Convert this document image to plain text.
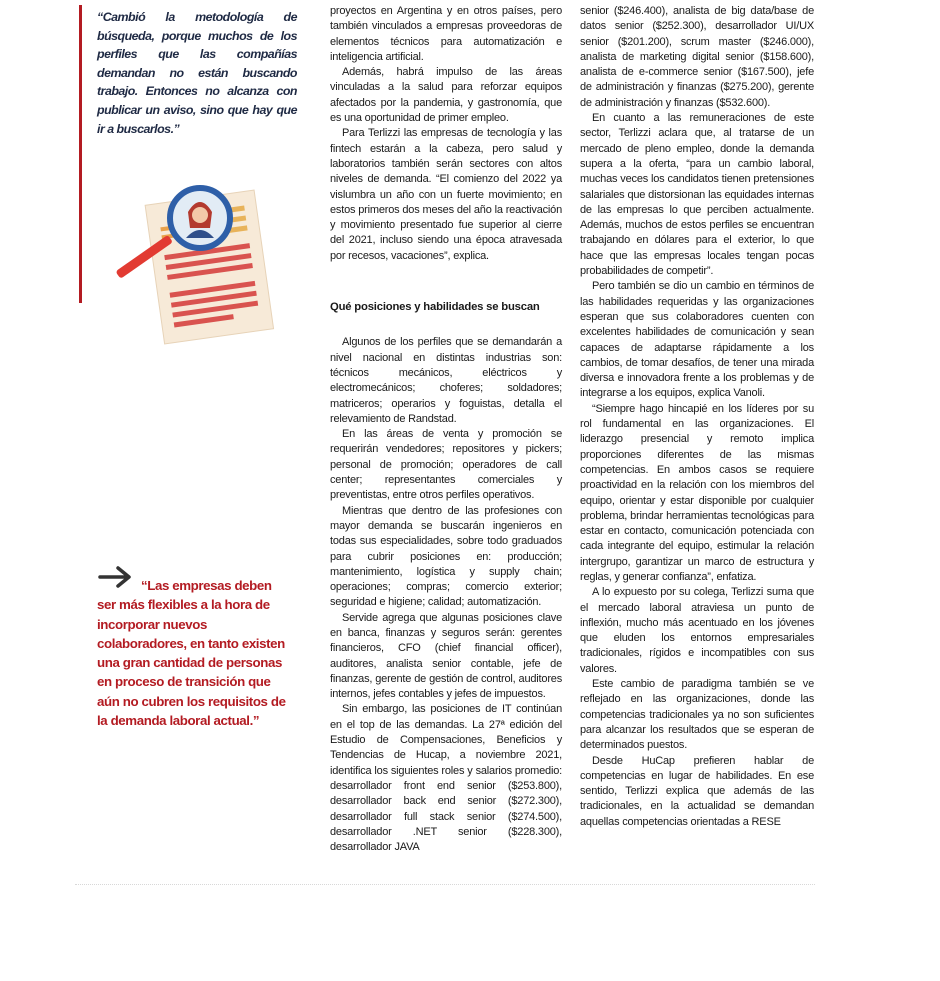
“Cambió la metodología de búsqueda, porque muchos de los perfiles que las compañías demandan no están buscando trabajo. Entonces no alcanza con publicar un aviso, sino que hay que ir a buscarlos.”
“Las empresas deben ser más flexibles a la hora de incorporar nuevos colaboradores, en tanto existen una gran cantidad de personas en proceso de transición que aún no cubren los requisitos de la demanda laboral actual.”

proyectos en Argentina y en otros países, pero también vinculados a empresas proveedoras de elementos técnicos para automatización e inteligencia artificial.

Además, habrá impulso de las áreas vinculadas a la salud para reforzar equipos afectados por la pandemia, y gastronomía, que es una oportunidad de primer empleo.

Para Terlizzi las empresas de tecnología y las fintech estarán a la cabeza, pero salud y laboratorios también serán sectores con altos niveles de demanda. “El comienzo del 2022 ya vislumbra un año con un fuerte movimiento; en estos primeros dos meses del año la reactivación y movimiento presentado fue superior al cierre del 2021, incluso siendo una época atravesada por recesos, vacaciones”, explica.

Qué posiciones y habilidades se buscan

Algunos de los perfiles que se demandarán a nivel nacional en distintas industrias son: técnicos mecánicos, eléctricos y electromecánicos; choferes; soldadores; matriceros; operarios y foguistas, detalla el relevamiento de Randstad.

En las áreas de venta y promoción se requerirán vendedores; repositores y pickers; personal de promoción; operadores de call center; representantes comerciales y preventistas, entre otros perfiles operativos.

Mientras que dentro de las profesiones con mayor demanda se buscarán ingenieros en todas sus especialidades, sobre todo graduados para cubrir posiciones en: producción; mantenimiento, logística y supply chain; operaciones; compras; comercio exterior; seguridad e higiene; calidad; automatización.

Servide agrega que algunas posiciones clave en banca, finanzas y seguros serán: gerentes financieros, CFO (chief financial officer), auditores, analista senior contable, jefe de finanzas, gerente de gestión de control, auditores internos, jefes contables y jefes de impuestos.

Sin embargo, las posiciones de IT continúan en el top de las demandas. La 27ª edición del Estudio de Compensaciones, Beneficios y Tendencias de Hucap, a noviembre 2021, identifica los siguientes roles y salarios promedio: desarrollador front end senior ($253.800), desarrollador back end senior ($272.300), desarrollador full stack senior ($274.500), desarrollador .NET senior ($228.300), desarrollador JAVA

senior ($246.400), analista de big data/base de datos senior ($252.300), desarrollador UI/UX senior ($201.200), scrum master ($246.000), analista de marketing digital senior ($158.600), analista de e-commerce senior ($167.500), jefe de administración y finanzas ($275.200), gerente de administración y finanzas ($532.600).

En cuanto a las remuneraciones de este sector, Terlizzi aclara que, al tratarse de un mercado de pleno empleo, donde la demanda supera a la oferta, “para un cambio laboral, muchas veces los candidatos tienen pretensiones salariales que distorsionan las equidades internas de las empresas lo que perciben actualmente. Además, muchos de estos perfiles se encuentran trabajando en dólares para el exterior, lo que hace que las empresas locales tengan pocas probabilidades de competir”.

Pero también se dio un cambio en términos de las habilidades requeridas y las organizaciones esperan que sus colaboradores cuenten con excelentes habilidades de comunicación y sean capaces de adaptarse rápidamente a los cambios, de tomar desafíos, de tener una mirada diversa e innovadora frente a los problemas y de integrarse a los equipos, explica Vanoli.

“Siempre hago hincapié en los líderes por su rol fundamental en las organizaciones. El liderazgo presencial y remoto implica proporciones diferentes de las mismas competencias. En ambos casos se requiere proactividad en la relación con los miembros del equipo, orientar y estar disponible por cualquier problema, brindar herramientas tecnológicas para estar en contacto, comunicación potenciada con cada integrante del equipo, estimular la relación intergrupo, garantizar un marco de estructura y reglas, y generar confianza”, enfatiza.

A lo expuesto por su colega, Terlizzi suma que el mercado laboral atraviesa un punto de inflexión, mucho más acentuado en los jóvenes que eluden los entornos empresariales tradicionales, rígidos e incompatibles con sus valores.

Este cambio de paradigma también se ve reflejado en las organizaciones, donde las competencias tradicionales ya no son suficientes para alcanzar los resultados que se esperan de determinados puestos.

Desde HuCap prefieren hablar de competencias en lugar de habilidades. En ese sentido, Terlizzi explica que además de las tradicionales, en la actualidad se demandan aquellas competencias orientadas a RESE
